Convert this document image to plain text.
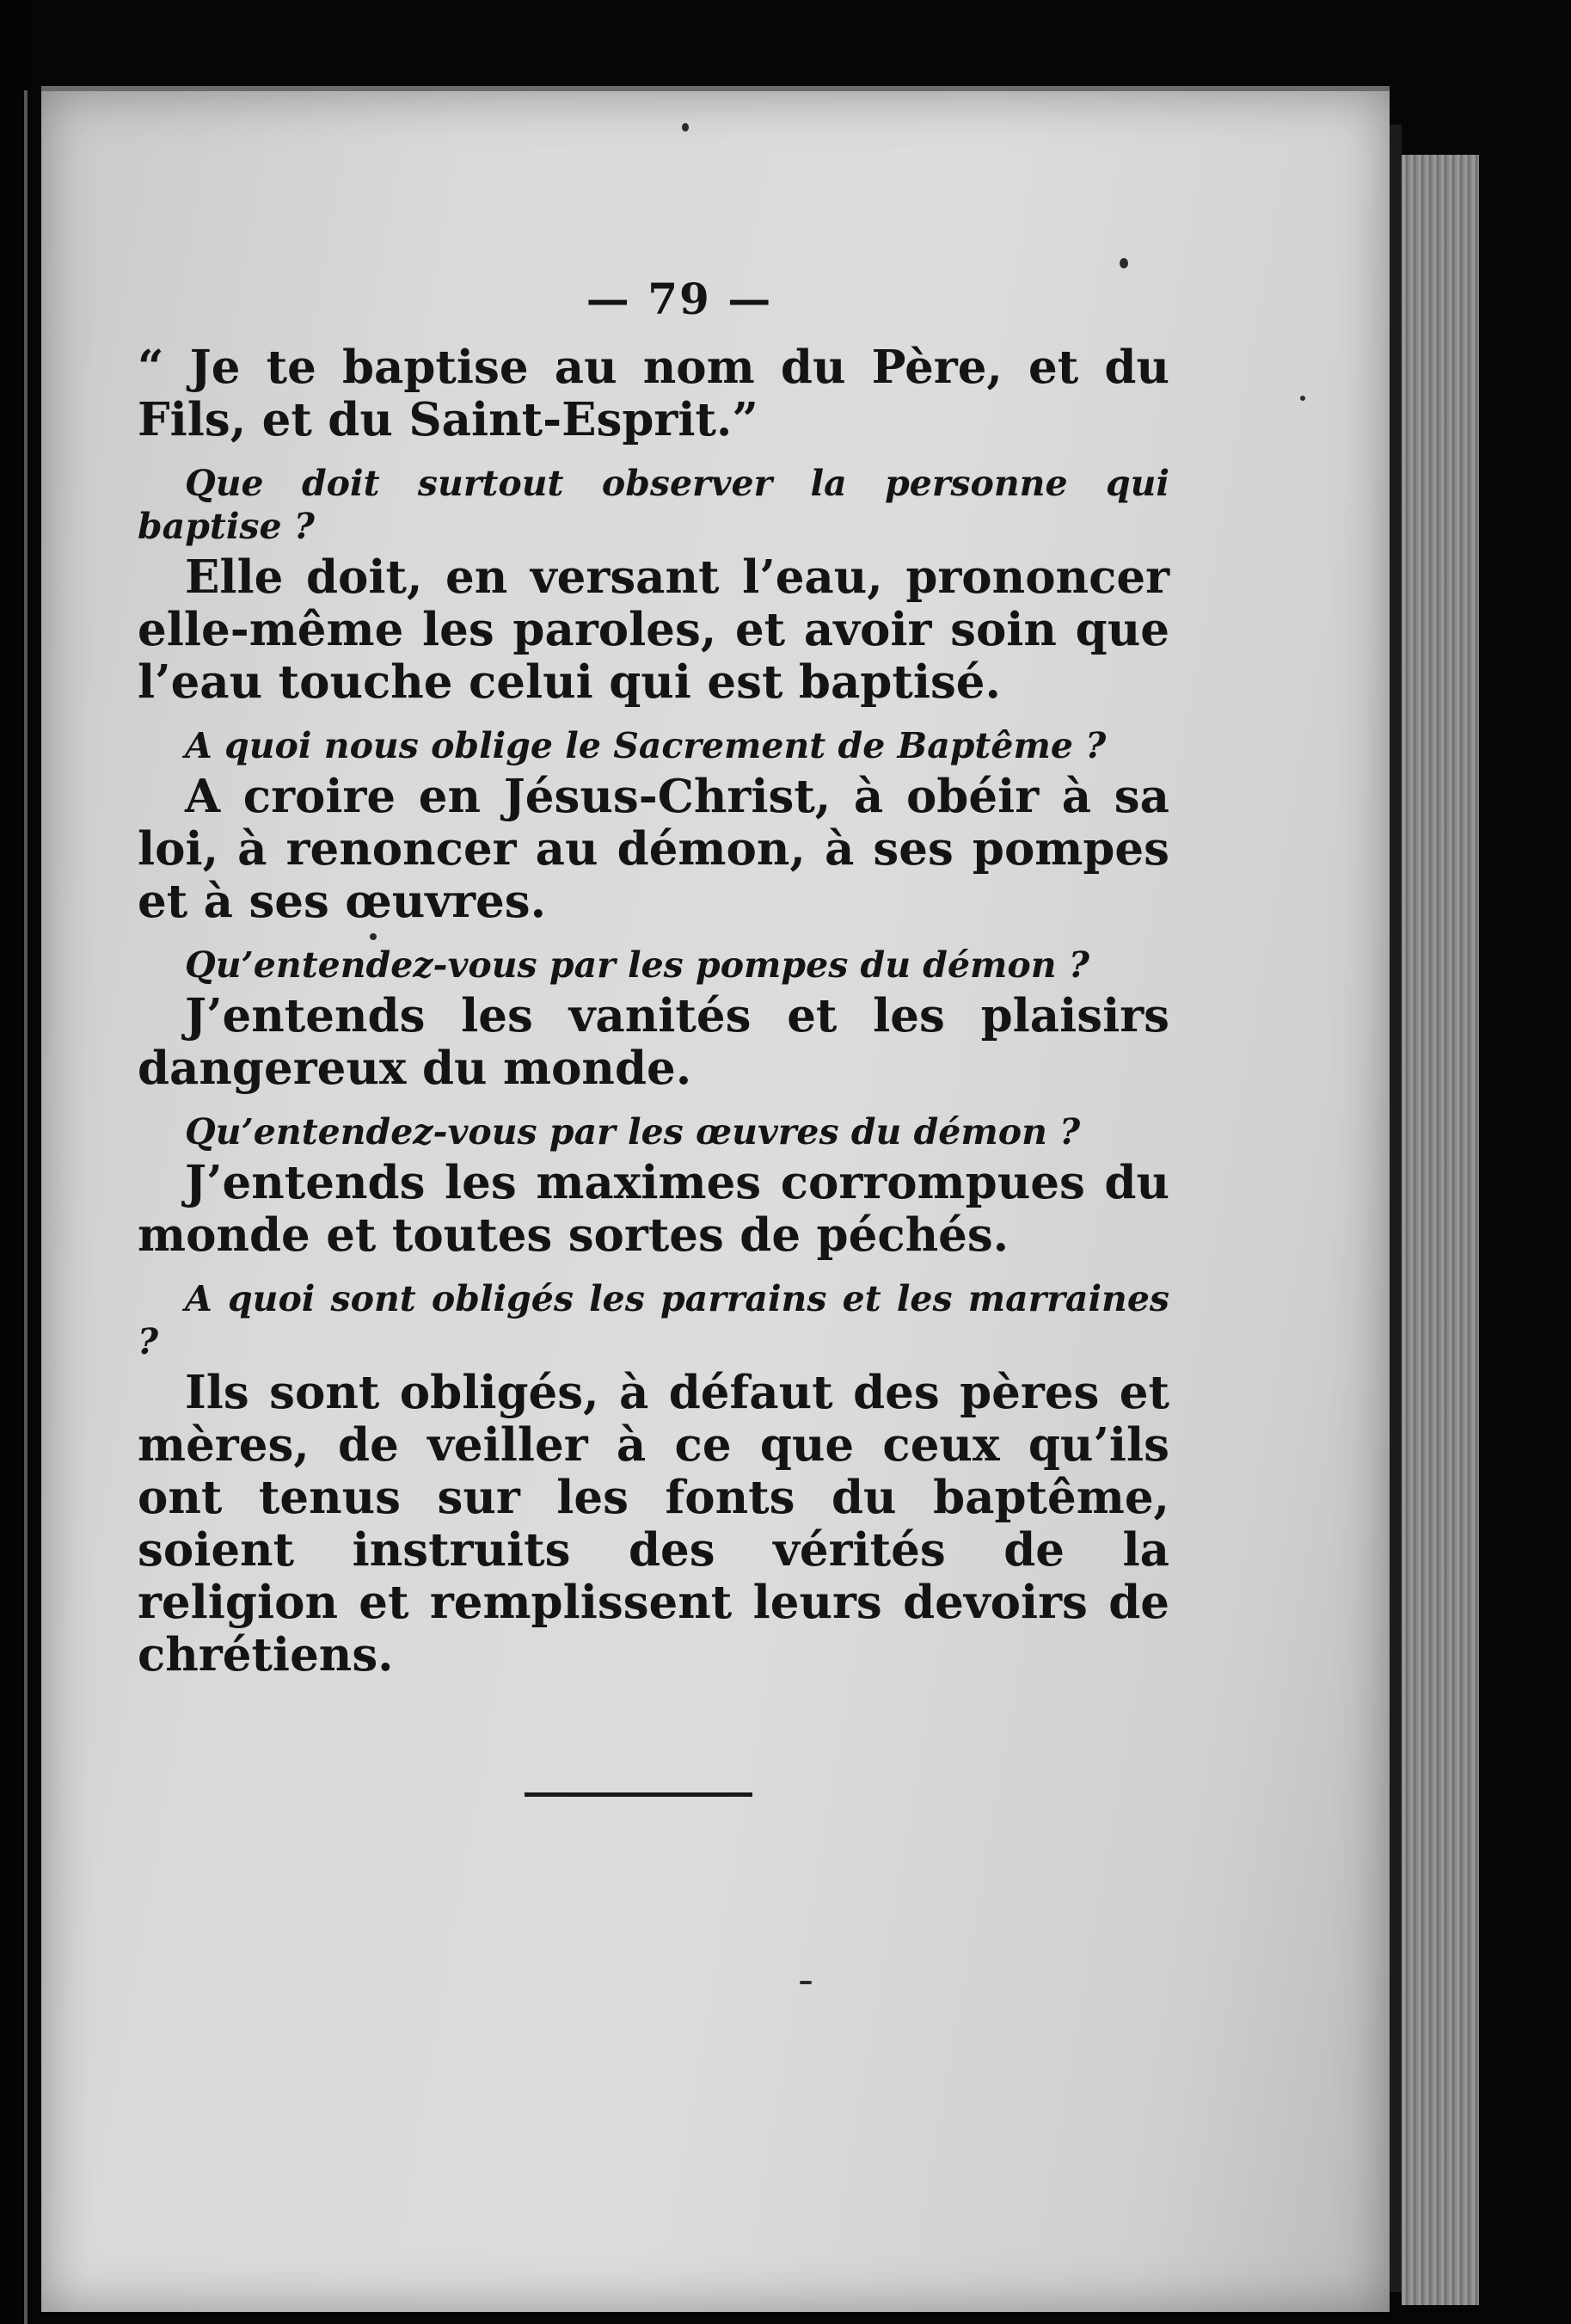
— 79 —

“ Je te baptise au nom du Père, et du Fils, et du Saint-Esprit.”

Que doit surtout observer la personne qui baptise ?

Elle doit, en versant l’eau, prononcer elle-même les paroles, et avoir soin que l’eau touche celui qui est baptisé.

A quoi nous oblige le Sacrement de Baptême ?

A croire en Jésus-Christ, à obéir à sa loi, à renoncer au démon, à ses pompes et à ses œuvres.

Qu’entendez-vous par les pompes du démon ?

J’entends les vanités et les plaisirs dangereux du monde.

Qu’entendez-vous par les œuvres du démon ?

J’entends les maximes corrompues du monde et toutes sortes de péchés.

A quoi sont obligés les parrains et les marraines ?

Ils sont obligés, à défaut des pères et mères, de veiller à ce que ceux qu’ils ont tenus sur les fonts du baptême, soient instruits des vérités de la religion et remplissent leurs devoirs de chrétiens.
